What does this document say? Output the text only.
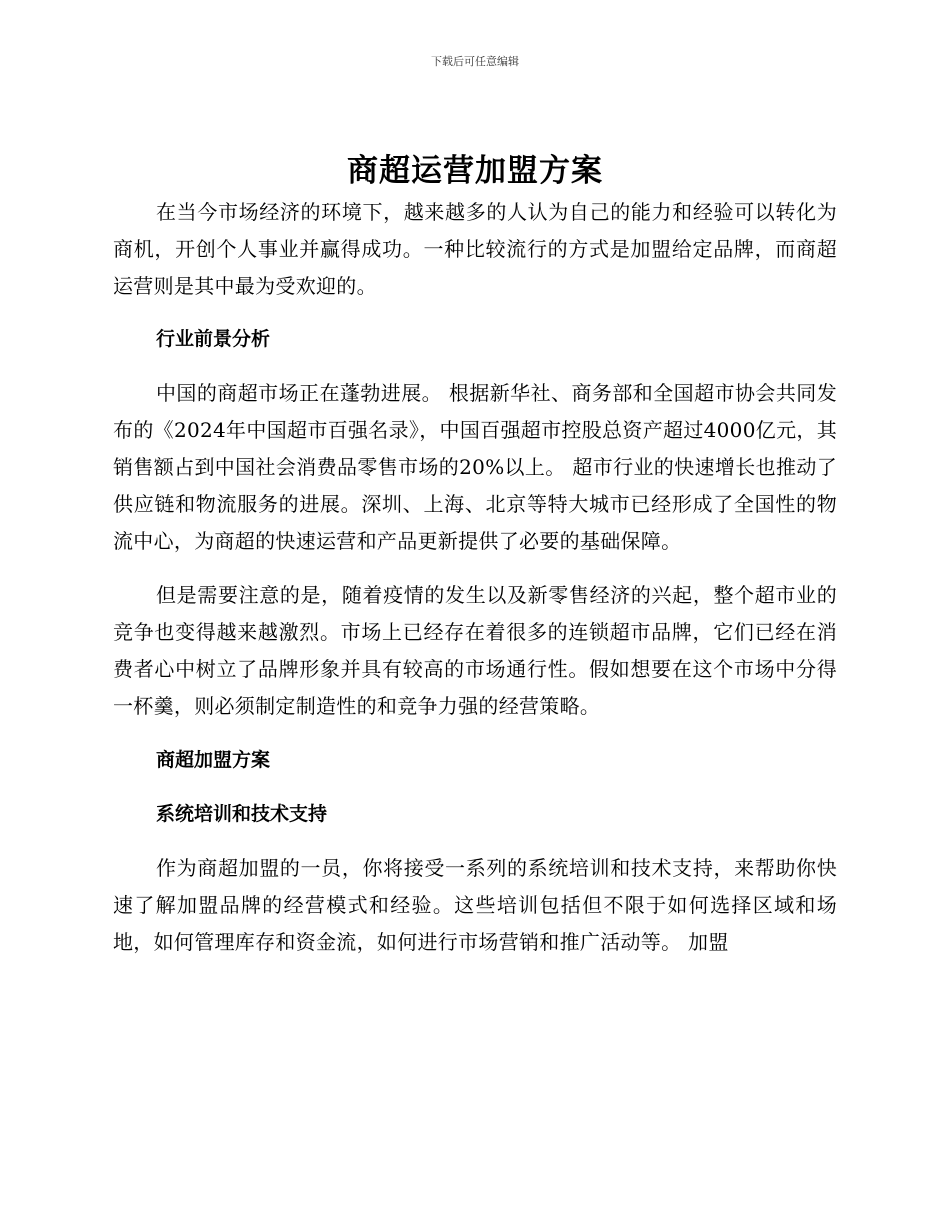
下载后可任意编辑
商超运营加盟方案

在当今市场经济的环境下，越来越多的人认为自己的能力和经验可以转化为商机，开创个人事业并赢得成功。一种比较流行的方式是加盟给定品牌，而商超运营则是其中最为受欢迎的。

行业前景分析

中国的商超市场正在蓬勃进展。 根据新华社、商务部和全国超市协会共同发布的《2024年中国超市百强名录》，中国百强超市控股总资产超过4000亿元，其销售额占到中国社会消费品零售市场的20%以上。 超市行业的快速增长也推动了供应链和物流服务的进展。深圳、上海、北京等特大城市已经形成了全国性的物流中心，为商超的快速运营和产品更新提供了必要的基础保障。

但是需要注意的是，随着疫情的发生以及新零售经济的兴起，整个超市业的竞争也变得越来越激烈。市场上已经存在着很多的连锁超市品牌，它们已经在消费者心中树立了品牌形象并具有较高的市场通行性。假如想要在这个市场中分得一杯羹，则必须制定制造性的和竞争力强的经营策略。

商超加盟方案
系统培训和技术支持

作为商超加盟的一员，你将接受一系列的系统培训和技术支持，来帮助你快速了解加盟品牌的经营模式和经验。这些培训包括但不限于如何选择区域和场地，如何管理库存和资金流，如何进行市场营销和推广活动等。 加盟
